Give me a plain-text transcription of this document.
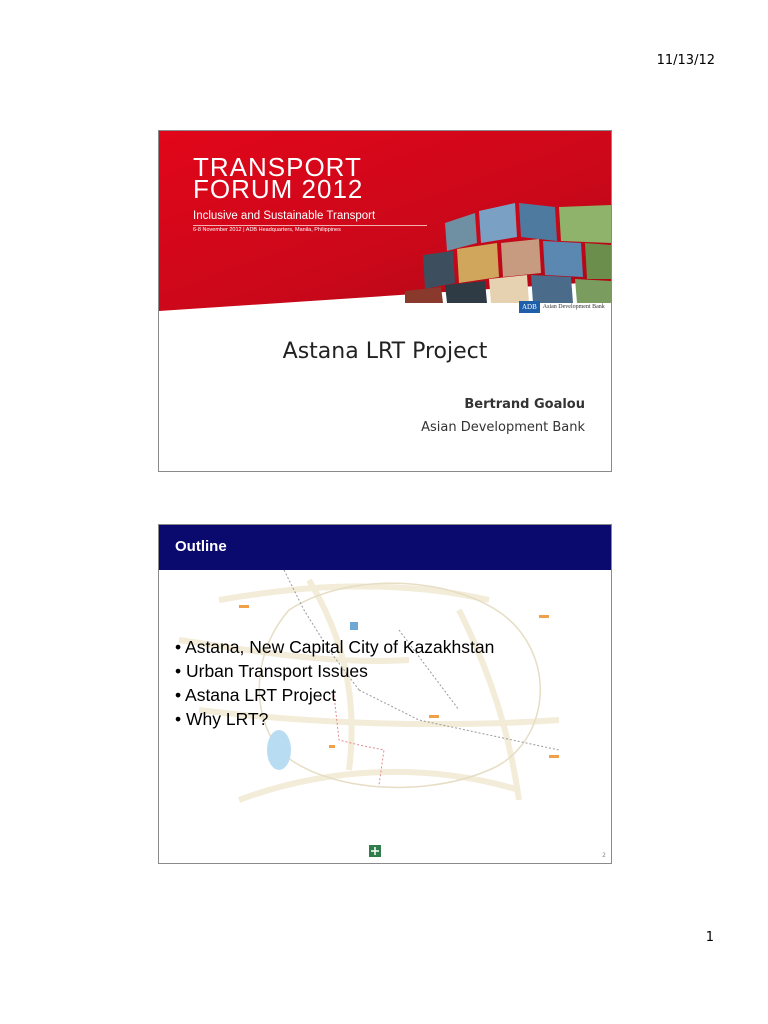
11/13/12
TRANSPORT
FORUM 2012
Inclusive and Sustainable Transport
6-8 November 2012 | ADB Headquarters, Manila, Philippines
ADB	Asian Development Bank
Astana LRT Project
Bertrand Goalou
Asian Development Bank
Outline
• Astana, New Capital City of Kazakhstan
• Urban Transport Issues
• Astana LRT Project
• Why LRT?
2
1
